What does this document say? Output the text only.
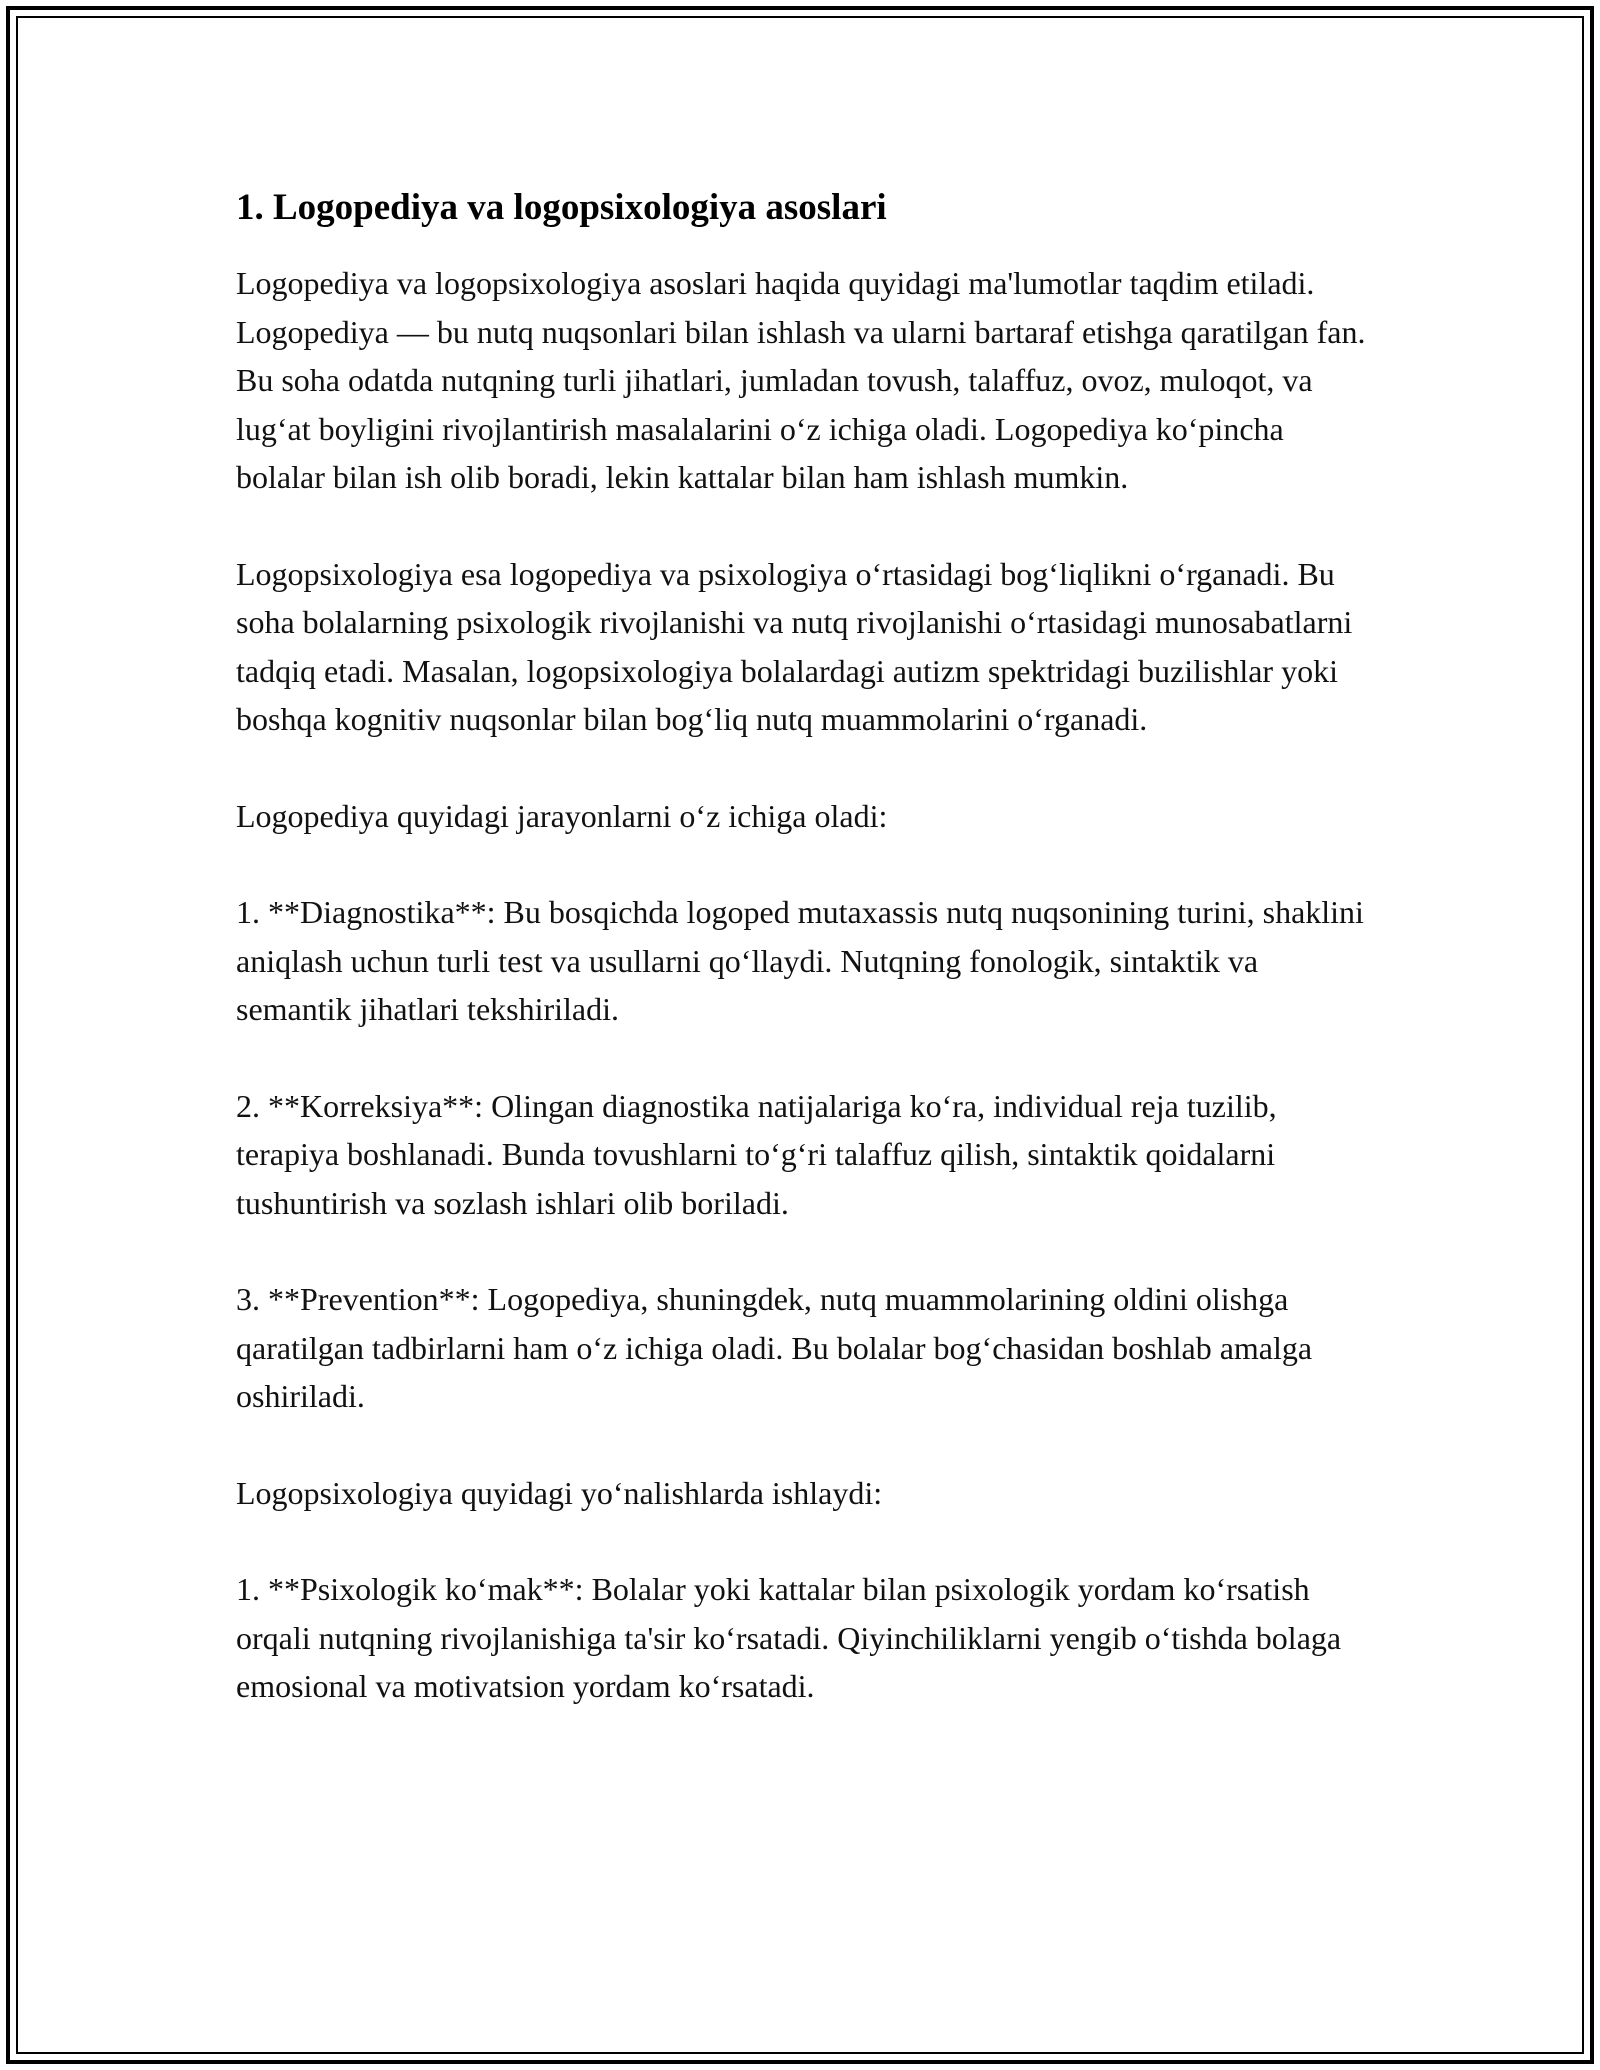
1. Logopediya va logopsixologiya asoslari

Logopediya va logopsixologiya asoslari haqida quyidagi ma'lumotlar taqdim etiladi. Logopediya — bu nutq nuqsonlari bilan ishlash va ularni bartaraf etishga qaratilgan fan. Bu soha odatda nutqning turli jihatlari, jumladan tovush, talaffuz, ovoz, muloqot, va lug‘at boyligini rivojlantirish masalalarini o‘z ichiga oladi. Logopediya ko‘pincha bolalar bilan ish olib boradi, lekin kattalar bilan ham ishlash mumkin.

Logopsixologiya esa logopediya va psixologiya o‘rtasidagi bog‘liqlikni o‘rganadi. Bu soha bolalarning psixologik rivojlanishi va nutq rivojlanishi o‘rtasidagi munosabatlarni tadqiq etadi. Masalan, logopsixologiya bolalardagi autizm spektridagi buzilishlar yoki boshqa kognitiv nuqsonlar bilan bog‘liq nutq muammolarini o‘rganadi.

Logopediya quyidagi jarayonlarni o‘z ichiga oladi:

1. **Diagnostika**: Bu bosqichda logoped mutaxassis nutq nuqsonining turini, shaklini aniqlash uchun turli test va usullarni qo‘llaydi. Nutqning fonologik, sintaktik va semantik jihatlari tekshiriladi.

2. **Korreksiya**: Olingan diagnostika natijalariga ko‘ra, individual reja tuzilib, terapiya boshlanadi. Bunda tovushlarni to‘g‘ri talaffuz qilish, sintaktik qoidalarni tushuntirish va sozlash ishlari olib boriladi.

3. **Prevention**: Logopediya, shuningdek, nutq muammolarining oldini olishga qaratilgan tadbirlarni ham o‘z ichiga oladi. Bu bolalar bog‘chasidan boshlab amalga oshiriladi.

Logopsixologiya quyidagi yo‘nalishlarda ishlaydi:

1. **Psixologik ko‘mak**: Bolalar yoki kattalar bilan psixologik yordam ko‘rsatish orqali nutqning rivojlanishiga ta'sir ko‘rsatadi. Qiyinchiliklarni yengib o‘tishda bolaga emosional va motivatsion yordam ko‘rsatadi.
